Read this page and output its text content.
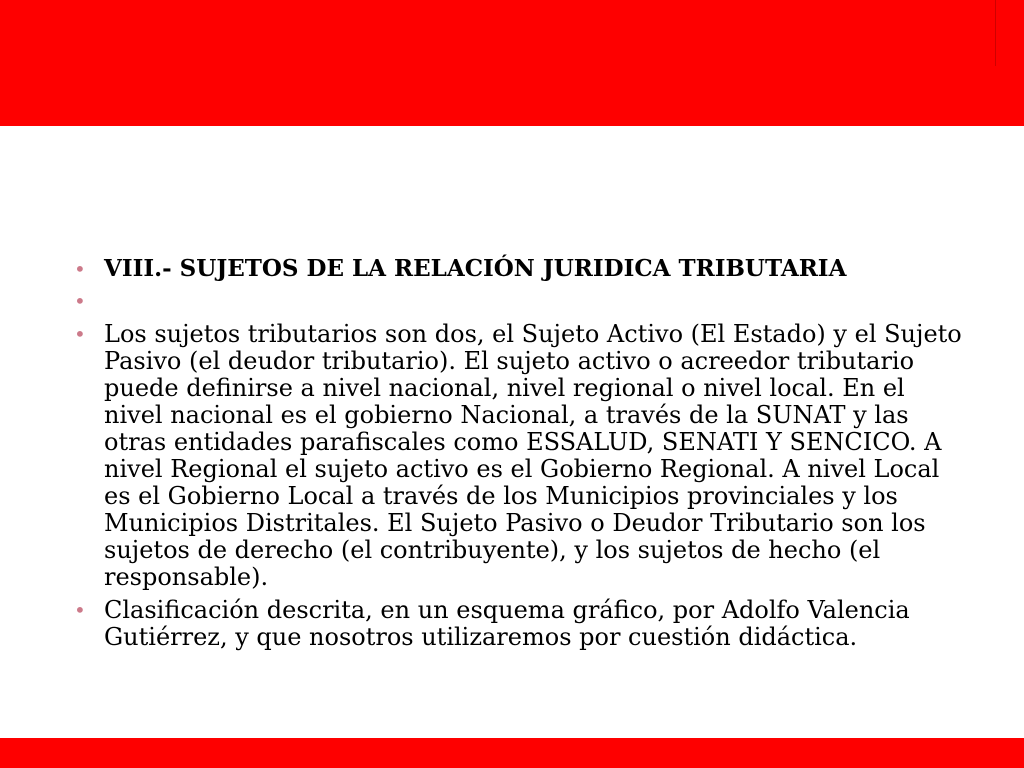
• VIII.- SUJETOS DE LA RELACIÓN JURIDICA TRIBUTARIA
•
• Los sujetos tributarios son dos, el Sujeto Activo (El Estado) y el Sujeto Pasivo (el deudor tributario). El sujeto activo o acreedor tributario puede definirse a nivel nacional, nivel regional o nivel local. En el nivel nacional es el gobierno Nacional, a través de la SUNAT y las otras entidades parafiscales como ESSALUD, SENATI Y SENCICO. A nivel Regional el sujeto activo es el Gobierno Regional. A nivel Local es el Gobierno Local a través de los Municipios provinciales y los Municipios Distritales. El Sujeto Pasivo o Deudor Tributario son los sujetos de derecho (el contribuyente), y los sujetos de hecho (el responsable).
• Clasificación descrita, en un esquema gráfico, por Adolfo Valencia Gutiérrez, y que nosotros utilizaremos por cuestión didáctica.
